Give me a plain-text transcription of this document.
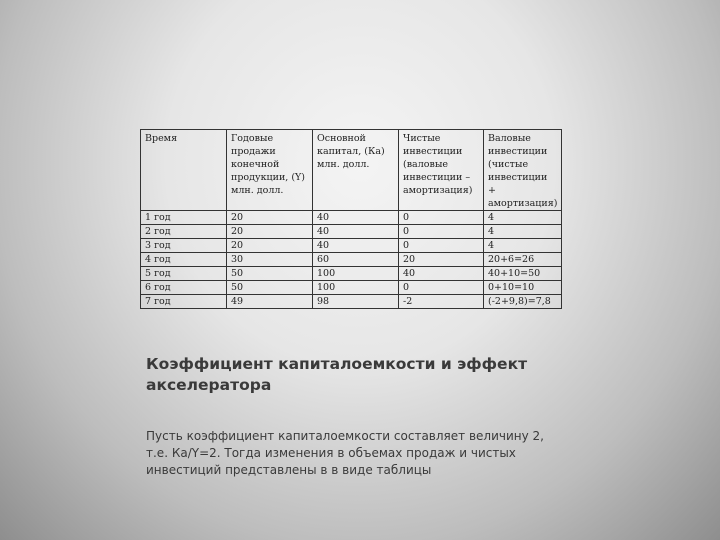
Время	Годовые продажи конечной продукции, (Y) млн. долл.	Основной капитал, (Ка) млн. долл.	Чистые инвестиции (валовые инвестиции – амортизация)	Валовые инвестиции (чистые инвестиции + амортизация)
1 год	20	40	0	4
2 год	20	40	0	4
3 год	20	40	0	4
4 год	30	60	20	20+6=26
5 год	50	100	40	40+10=50
6 год	50	100	0	0+10=10
7 год	49	98	-2	(-2+9,8)=7,8
Коэффициент капиталоемкости и эффект акселератора
Пусть коэффициент капиталоемкости составляет величину 2, т.е. Ка/Y=2. Тогда изменения в объемах продаж и чистых инвестиций представлены в в виде таблицы
